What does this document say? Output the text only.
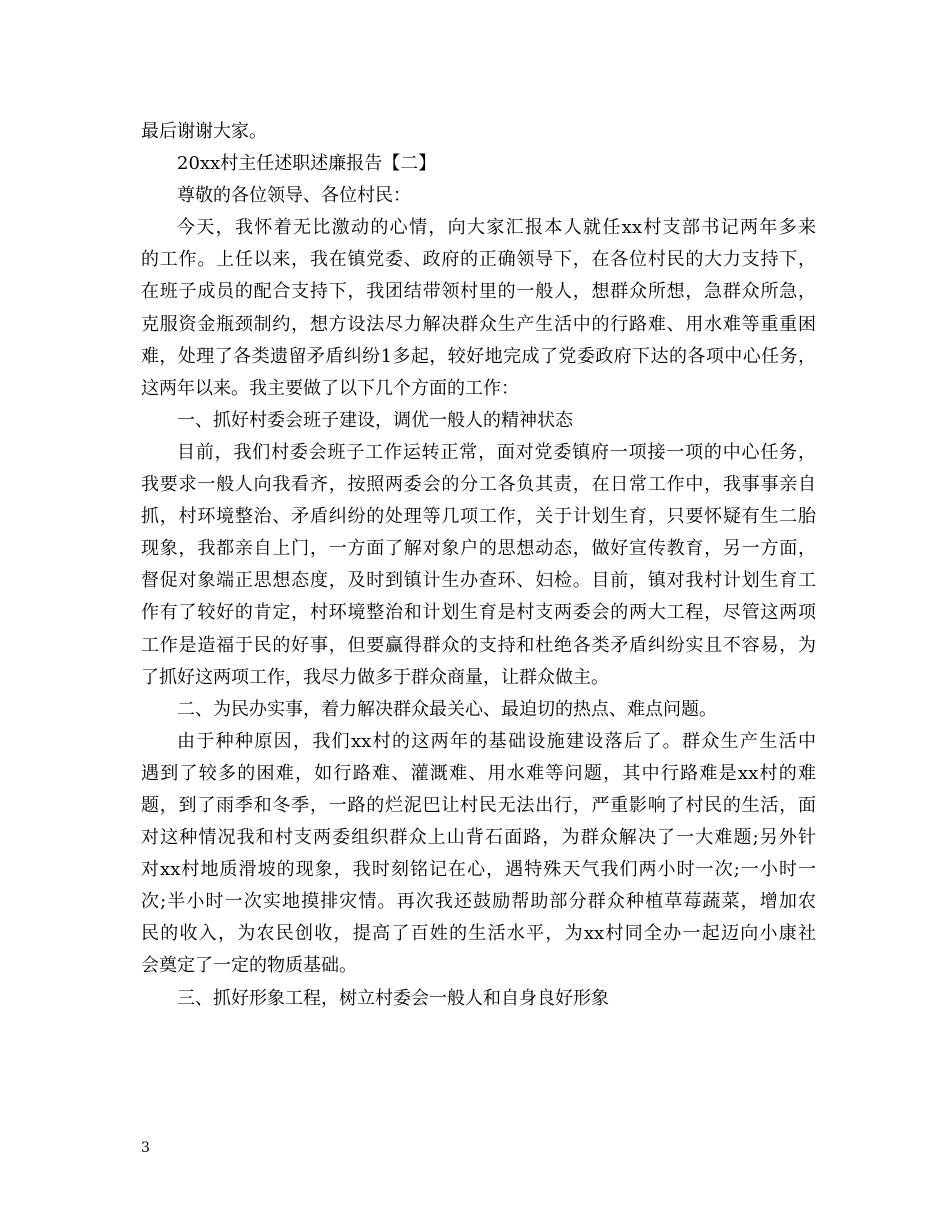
最后谢谢大家。
20xx村主任述职述廉报告【二】
尊敬的各位领导、各位村民：
今天，我怀着无比激动的心情，向大家汇报本人就任xx村支部书记两年多来
的工作。上任以来，我在镇党委、政府的正确领导下，在各位村民的大力支持下，
在班子成员的配合支持下，我团结带领村里的一般人，想群众所想，急群众所急，
克服资金瓶颈制约，想方设法尽力解决群众生产生活中的行路难、用水难等重重困
难，处理了各类遗留矛盾纠纷1多起，较好地完成了党委政府下达的各项中心任务，
这两年以来。我主要做了以下几个方面的工作：
一、抓好村委会班子建设，调优一般人的精神状态
目前，我们村委会班子工作运转正常，面对党委镇府一项接一项的中心任务，
我要求一般人向我看齐，按照两委会的分工各负其责，在日常工作中，我事事亲自
抓，村环境整治、矛盾纠纷的处理等几项工作，关于计划生育，只要怀疑有生二胎
现象，我都亲自上门，一方面了解对象户的思想动态，做好宣传教育，另一方面，
督促对象端正思想态度，及时到镇计生办查环、妇检。目前，镇对我村计划生育工
作有了较好的肯定，村环境整治和计划生育是村支两委会的两大工程，尽管这两项
工作是造福于民的好事，但要赢得群众的支持和杜绝各类矛盾纠纷实且不容易，为
了抓好这两项工作，我尽力做多于群众商量，让群众做主。
二、为民办实事，着力解决群众最关心、最迫切的热点、难点问题。
由于种种原因，我们xx村的这两年的基础设施建设落后了。群众生产生活中
遇到了较多的困难，如行路难、灌溉难、用水难等问题，其中行路难是xx村的难
题，到了雨季和冬季，一路的烂泥巴让村民无法出行，严重影响了村民的生活，面
对这种情况我和村支两委组织群众上山背石面路，为群众解决了一大难题;另外针
对xx村地质滑坡的现象，我时刻铭记在心，遇特殊天气我们两小时一次;一小时一
次;半小时一次实地摸排灾情。再次我还鼓励帮助部分群众种植草莓蔬菜，增加农
民的收入，为农民创收，提高了百姓的生活水平，为xx村同全办一起迈向小康社
会奠定了一定的物质基础。
三、抓好形象工程，树立村委会一般人和自身良好形象
3
